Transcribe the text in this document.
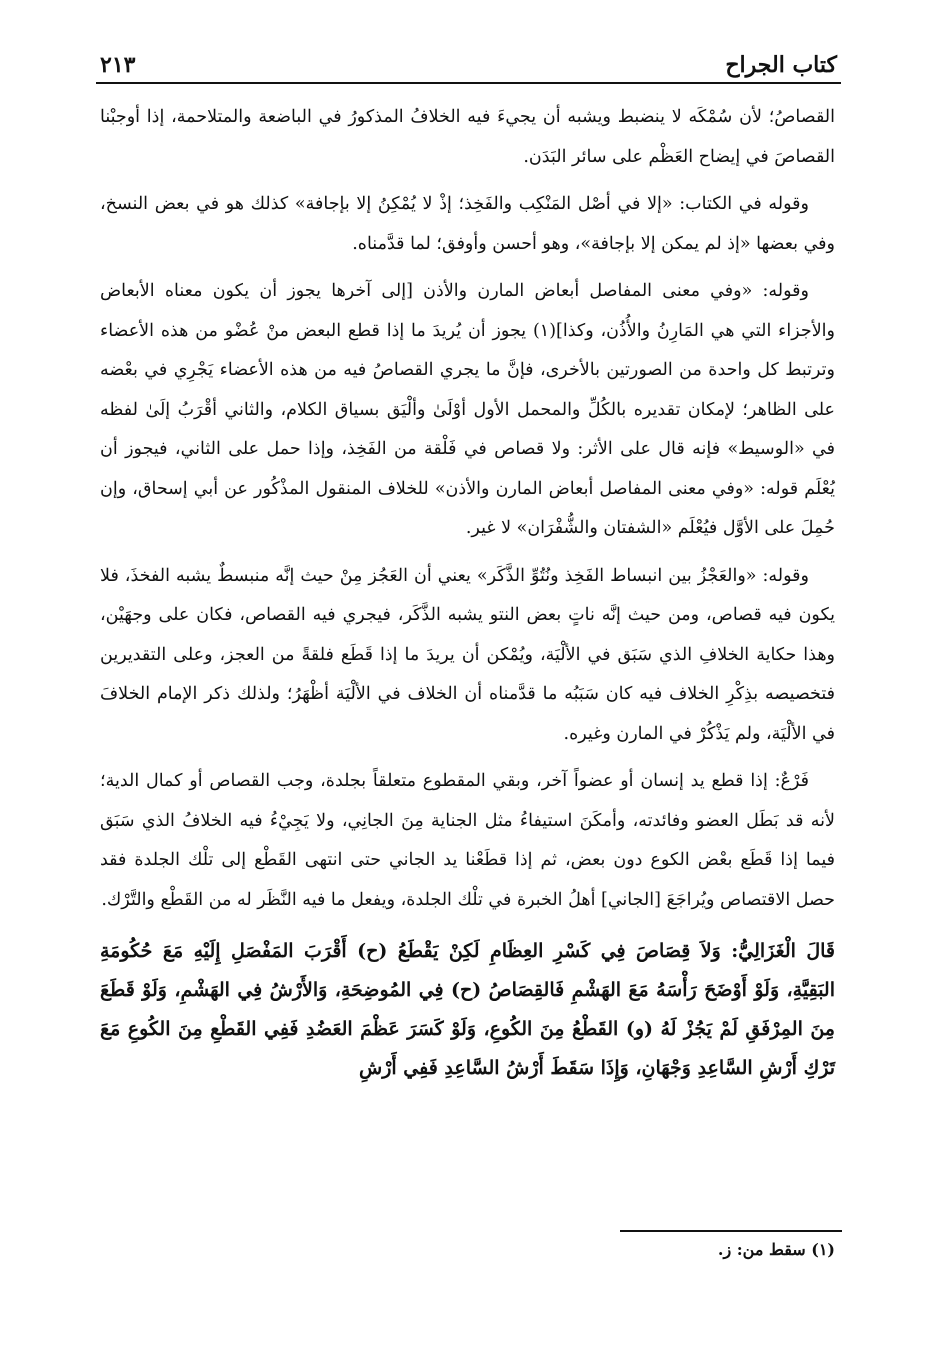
كتاب الجراح
٢١٣

القصاصُ؛ لأن سُمْكَه لا ينضبط ويشبه أن يجيءَ فيه الخلافُ المذكورُ في الباضعة والمتلاحمة، إذا أوجبْنا القصاصَ في إيضاح العَظْم على سائر البَدَن.

وقوله في الكتاب: «إلا في أصْل المَنْكِب والفَخِذ؛ إذْ لا يُمْكِنُ إلا بإجافة» كذلك هو في بعض النسخ، وفي بعضها «إذ لم يمكن إلا بإجافة»، وهو أحسن وأوفق؛ لما قدَّمناه.

وقوله: «وفي معنى المفاصل أبعاض المارن والأذن [إلى آخرها يجوز أن يكون معناه الأبعاض والأجزاء التي هي المَارِنُ والأُذُن، وكذا](١) يجوز أن يُريدَ ما إذا قطع البعض منْ عُضْو من هذه الأعضاء وترتبط كل واحدة من الصورتين بالأخرى، فإنَّ ما يجري القصاصُ فيه من هذه الأعضاء يَجْرِي في بعْضه على الظاهر؛ لإمكان تقديره بالكُلِّ والمحمل الأول أوْلَىٰ وألْيَق بسياق الكلام، والثاني أقْرَبُ إلَىٰ لفظه في «الوسيط» فإنه قال على الأثر: ولا قصاص في فَلْقة من الفَخِذ، وإذا حمل على الثاني، فيجوز أن يُعْلَم قوله: «وفي معنى المفاصل أبعاض المارن والأذن» للخلاف المنقول المذْكُور عن أبي إسحاق، وإن حُمِلَ على الأوَّل فيُعْلَم «الشفتان والشُّفْرَان» لا غير.

وقوله: «والعَجْزُ بين انبساط الفَخِذ ونُتُوِّ الذَّكَر» يعني أن العَجُز مِنْ حيث إنَّه منبسطٌ يشبه الفخذَ، فلا يكون فيه قصاص، ومن حيث إنَّه ناتٍ بعض النتو يشبه الذَّكَر، فيجري فيه القصاص، فكان على وجهَيْن، وهذا حكاية الخلافِ الذي سَبَق في الألْيَة، ويُمْكن أن يريدَ ما إذا قَطَع فلقةً من العجز، وعلى التقديرين فتخصيصه بذِكْرِ الخلاف فيه كان سَبَبُه ما قدَّمناه أن الخلاف في الألْيَة أظْهَرُ؛ ولذلك ذكر الإمام الخلافَ في الألْيَة، ولم يَذْكُرْ في المارن وغيره.

فَرْعٌ: إذا قطع يد إنسان أو عضواً آخر، وبقي المقطوع متعلقاً بجلدة، وجب القصاص أو كمال الدية؛ لأنه قد بَطَل العضو وفائدته، وأمكَنَ استيفاءُ مثل الجناية مِنَ الجانِي، ولا يَجِيْءُ فيه الخلافُ الذي سَبَق فيما إذا قَطَع بعْض الكوع دون بعض، ثم إذا قطَعْنا يد الجاني حتى انتهى القَطْع إلى تلْك الجلدة فقد حصل الاقتصاص ويُراجَعَ [الجاني] أهلُ الخبرة في تلْك الجلدة، ويفعل ما فيه النَّظَر له من القَطْع والتَّرْك.

قَالَ الْغَزَالِيُّ: وَلاَ قِصَاصَ فِي كَسْرِ العِظَامِ لَكِنْ يَقْطَعُ (ح) أَقْرَبَ المَفْصَلِ إِلَيْهِ مَعَ حُكُومَةِ البَقِيَّةِ، وَلَوْ أَوْضَحَ رَأْسَهُ مَعَ الهَشْمِ فَالقِصَاصُ (ح) فِي المُوضِحَةِ، وَالأَرْشُ فِي الهَشْمِ، وَلَوْ قَطَعَ مِنَ المِرْفَقِ لَمْ يَجُزْ لَهُ (و) القَطْعُ مِنَ الكُوعِ، وَلَوْ كَسَرَ عَظْمَ العَضُدِ فَفِي القَطْعِ مِنَ الكُوعِ مَعَ تَرْكِ أَرْشِ السَّاعِدِ وَجْهَانِ، وَإِذَا سَقَطَ أَرْشُ السَّاعِدِ فَفِي أَرْشِ

(١) سقط من: ز.
